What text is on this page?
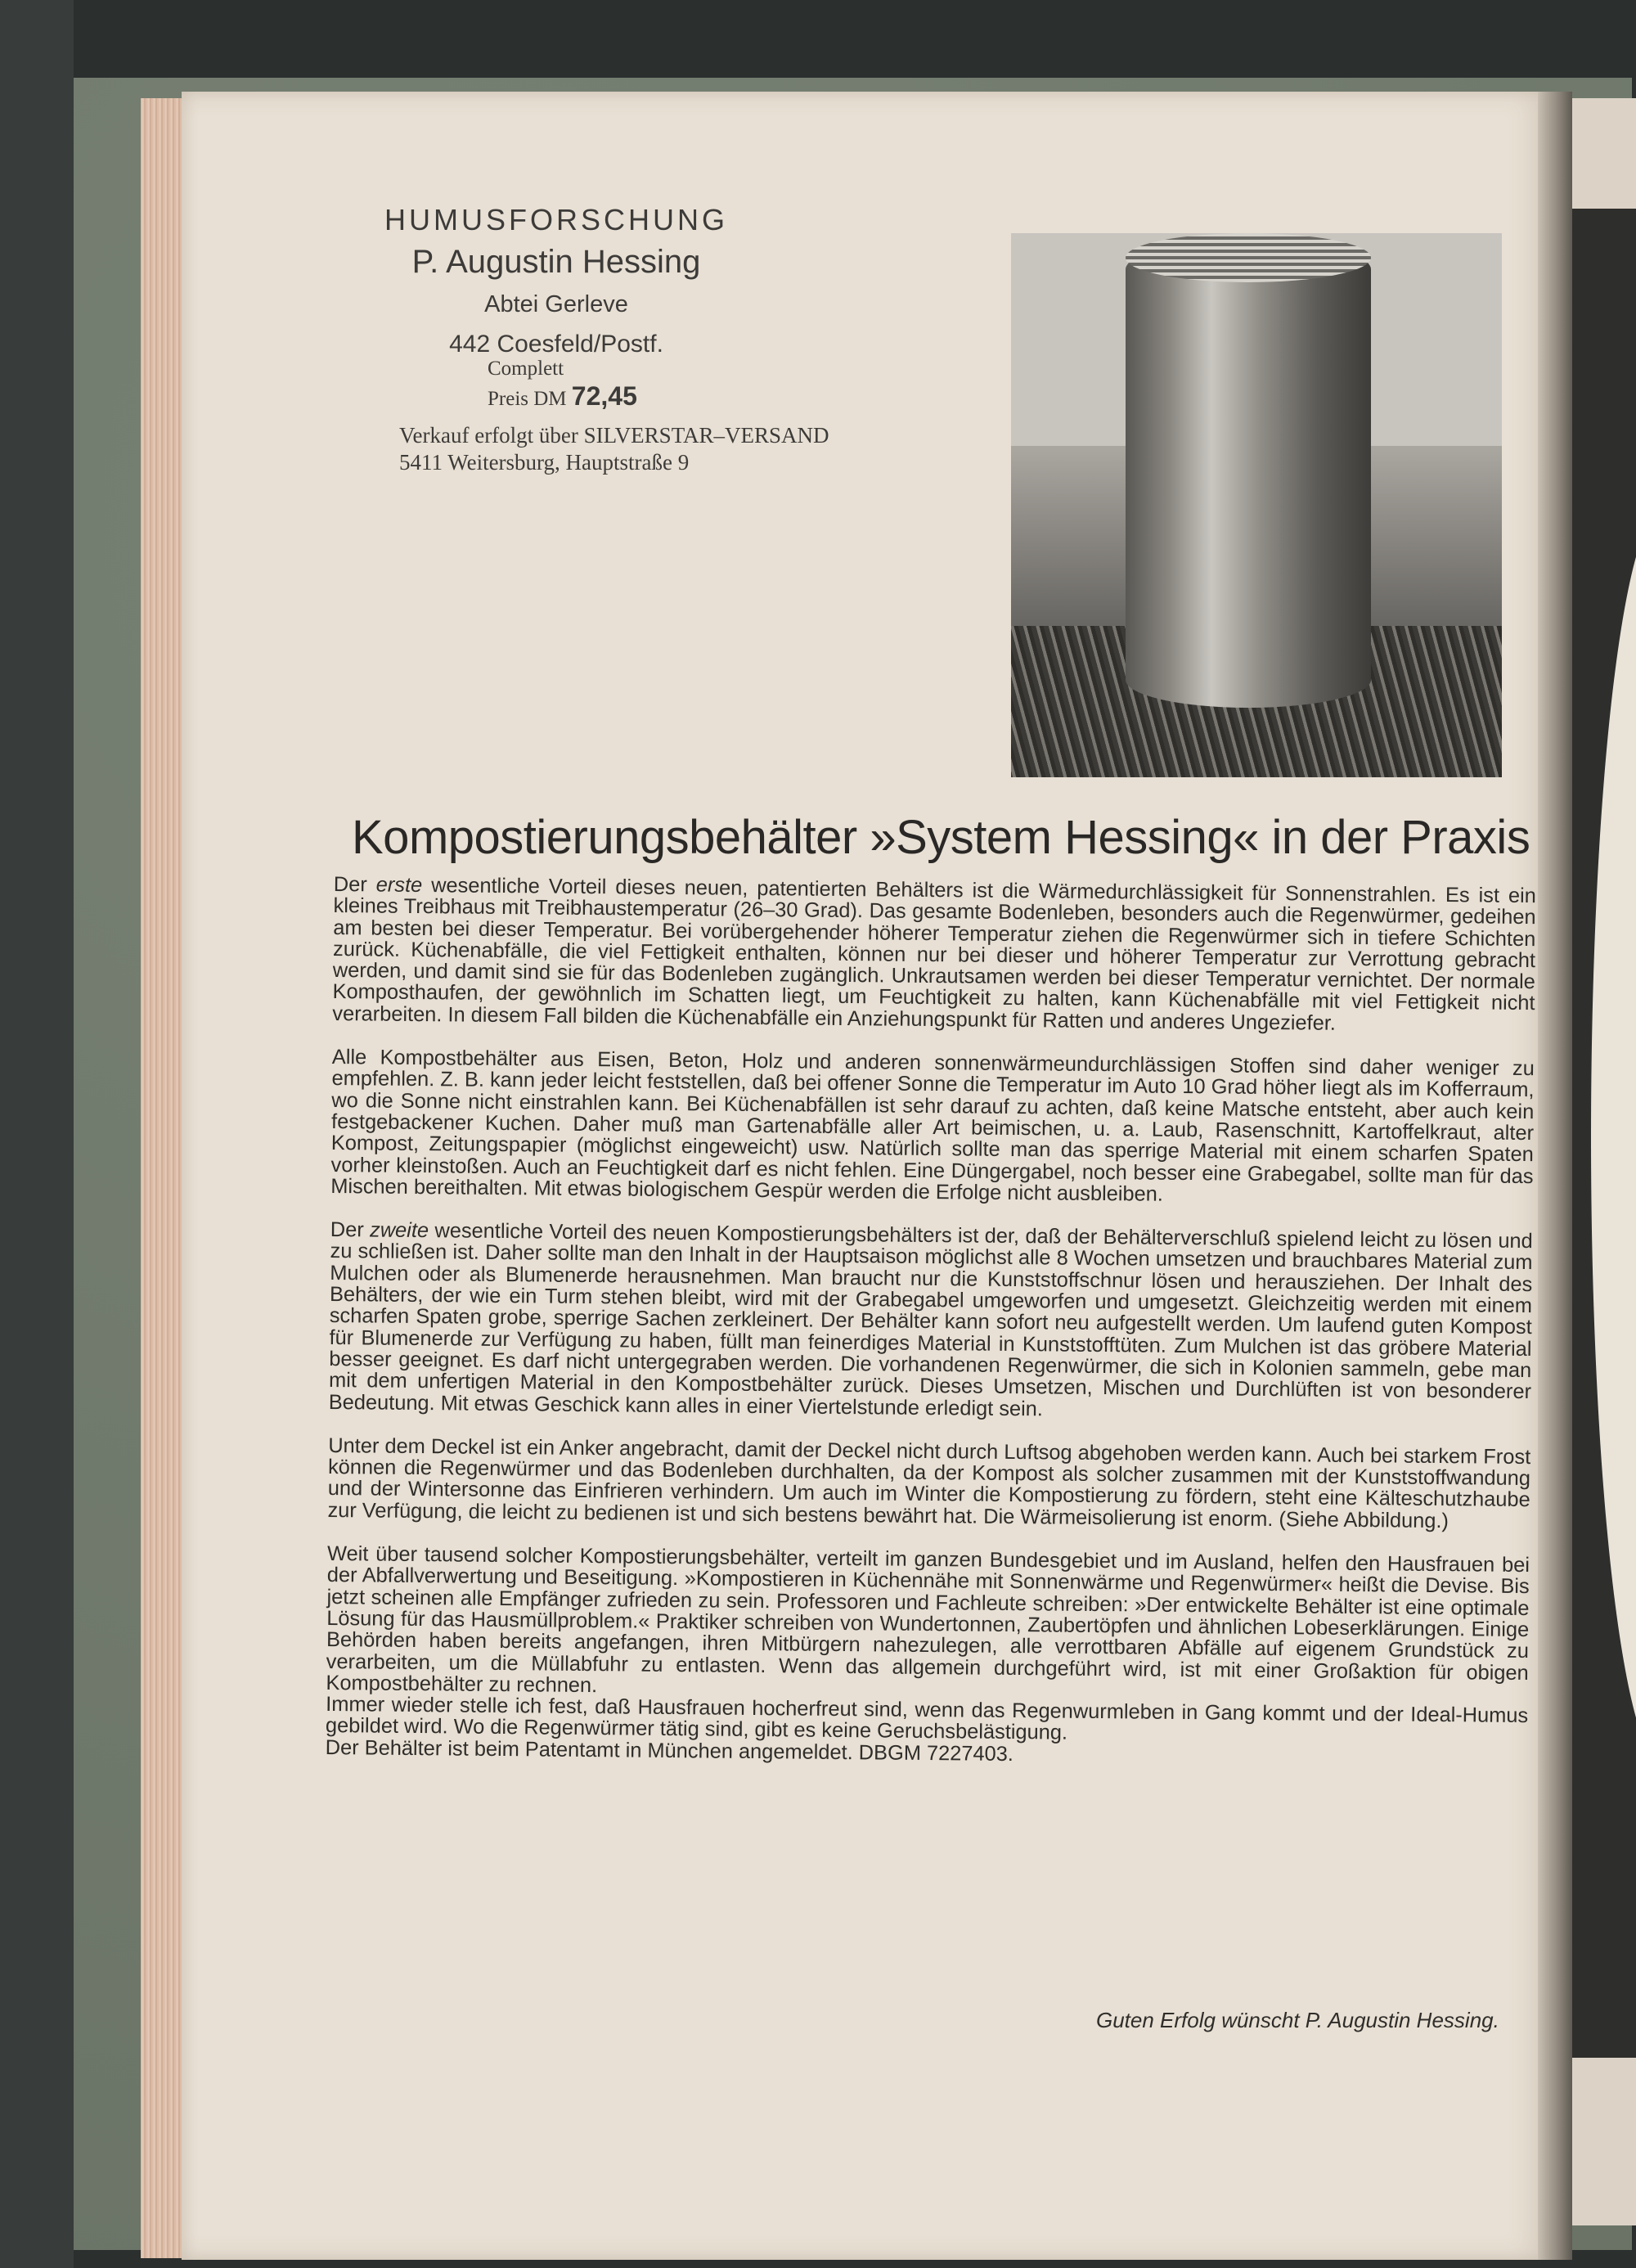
HUMUSFORSCHUNG
P. Augustin Hessing
Abtei Gerleve
442 Coesfeld/Postf.
Complett
Preis DM 72,45
Verkauf erfolgt über SILVERSTAR–VERSAND
5411 Weitersburg, Hauptstraße 9
Kompostierungsbehälter »System Hessing« in der Praxis

Der erste wesentliche Vorteil dieses neuen, patentierten Behälters ist die Wärmedurchlässigkeit für Sonnenstrahlen. Es ist ein kleines Treibhaus mit Treibhaustemperatur (26–30 Grad). Das gesamte Bodenleben, besonders auch die Regenwürmer, gedeihen am besten bei dieser Temperatur. Bei vorübergehender höherer Temperatur ziehen die Regenwürmer sich in tiefere Schichten zurück. Küchenabfälle, die viel Fettigkeit enthalten, können nur bei dieser und höherer Temperatur zur Verrottung gebracht werden, und damit sind sie für das Bodenleben zugänglich. Unkrautsamen werden bei dieser Temperatur vernichtet. Der normale Komposthaufen, der gewöhnlich im Schatten liegt, um Feuchtigkeit zu halten, kann Küchenabfälle mit viel Fettigkeit nicht verarbeiten. In diesem Fall bilden die Küchenabfälle ein Anziehungspunkt für Ratten und anderes Ungeziefer.

Alle Kompostbehälter aus Eisen, Beton, Holz und anderen sonnenwärmeundurchlässigen Stoffen sind daher weniger zu empfehlen. Z. B. kann jeder leicht feststellen, daß bei offener Sonne die Temperatur im Auto 10 Grad höher liegt als im Kofferraum, wo die Sonne nicht einstrahlen kann. Bei Küchenabfällen ist sehr darauf zu achten, daß keine Matsche entsteht, aber auch kein festgebackener Kuchen. Daher muß man Gartenabfälle aller Art beimischen, u. a. Laub, Rasenschnitt, Kartoffelkraut, alter Kompost, Zeitungspapier (möglichst eingeweicht) usw. Natürlich sollte man das sperrige Material mit einem scharfen Spaten vorher kleinstoßen. Auch an Feuchtigkeit darf es nicht fehlen. Eine Düngergabel, noch besser eine Grabegabel, sollte man für das Mischen bereithalten. Mit etwas biologischem Gespür werden die Erfolge nicht ausbleiben.

Der zweite wesentliche Vorteil des neuen Kompostierungsbehälters ist der, daß der Behälterverschluß spielend leicht zu lösen und zu schließen ist. Daher sollte man den Inhalt in der Hauptsaison möglichst alle 8 Wochen umsetzen und brauchbares Material zum Mulchen oder als Blumenerde herausnehmen. Man braucht nur die Kunststoffschnur lösen und herausziehen. Der Inhalt des Behälters, der wie ein Turm stehen bleibt, wird mit der Grabegabel umgeworfen und umgesetzt. Gleichzeitig werden mit einem scharfen Spaten grobe, sperrige Sachen zerkleinert. Der Behälter kann sofort neu aufgestellt werden. Um laufend guten Kompost für Blumenerde zur Verfügung zu haben, füllt man feinerdiges Material in Kunststofftüten. Zum Mulchen ist das gröbere Material besser geeignet. Es darf nicht untergegraben werden. Die vorhandenen Regenwürmer, die sich in Kolonien sammeln, gebe man mit dem unfertigen Material in den Kompostbehälter zurück. Dieses Umsetzen, Mischen und Durchlüften ist von besonderer Bedeutung. Mit etwas Geschick kann alles in einer Viertelstunde erledigt sein.

Unter dem Deckel ist ein Anker angebracht, damit der Deckel nicht durch Luftsog abgehoben werden kann. Auch bei starkem Frost können die Regenwürmer und das Bodenleben durchhalten, da der Kompost als solcher zusammen mit der Kunststoffwandung und der Wintersonne das Einfrieren verhindern. Um auch im Winter die Kompostierung zu fördern, steht eine Kälteschutzhaube zur Verfügung, die leicht zu bedienen ist und sich bestens bewährt hat. Die Wärmeisolierung ist enorm. (Siehe Abbildung.)

Weit über tausend solcher Kompostierungsbehälter, verteilt im ganzen Bundesgebiet und im Ausland, helfen den Hausfrauen bei der Abfallverwertung und Beseitigung. »Kompostieren in Küchennähe mit Sonnenwärme und Regenwürmer« heißt die Devise. Bis jetzt scheinen alle Empfänger zufrieden zu sein. Professoren und Fachleute schreiben: »Der entwickelte Behälter ist eine optimale Lösung für das Hausmüllproblem.« Praktiker schreiben von Wundertonnen, Zaubertöpfen und ähnlichen Lobeserklärungen. Einige Behörden haben bereits angefangen, ihren Mitbürgern nahezulegen, alle verrottbaren Abfälle auf eigenem Grundstück zu verarbeiten, um die Müllabfuhr zu entlasten. Wenn das allgemein durchgeführt wird, ist mit einer Großaktion für obigen Kompostbehälter zu rechnen.

Immer wieder stelle ich fest, daß Hausfrauen hocherfreut sind, wenn das Regenwurmleben in Gang kommt und der Ideal-Humus gebildet wird. Wo die Regenwürmer tätig sind, gibt es keine Geruchsbelästigung.

Der Behälter ist beim Patentamt in München angemeldet. DBGM 7227403.

Guten Erfolg wünscht P. Augustin Hessing.
